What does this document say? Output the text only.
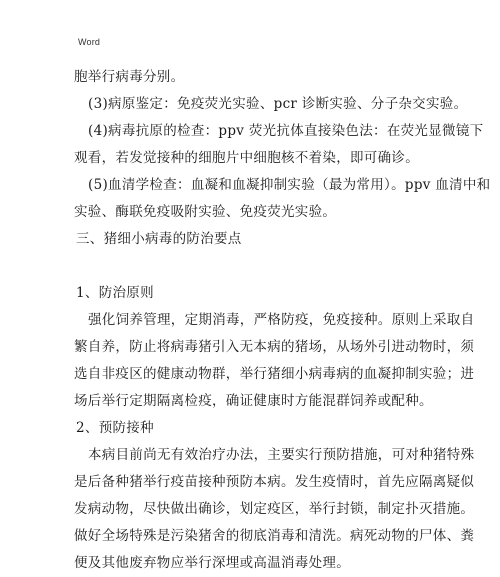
Word
胞举行病毒分别。
(3)病原鉴定：免疫荧光实验、pcr 诊断实验、分子杂交实验。
(4)病毒抗原的检查：ppv 荧光抗体直接染色法：在荧光显微镜下
观看，若发觉接种的细胞片中细胞核不着染，即可确诊。
(5)血清学检查：血凝和血凝抑制实验（最为常用）。ppv 血清中和
实验、酶联免疫吸附实验、免疫荧光实验。
三、猪细小病毒的防治要点
1、防治原则
强化饲养管理，定期消毒，严格防疫，免疫接种。原则上采取自
繁自养，防止将病毒猪引入无本病的猪场，从场外引进动物时，须
选自非疫区的健康动物群，举行猪细小病毒病的血凝抑制实验；进
场后举行定期隔离检疫，确证健康时方能混群饲养或配种。
2、预防接种
本病目前尚无有效治疗办法，主要实行预防措施，可对种猪特殊
是后备种猪举行疫苗接种预防本病。发生疫情时，首先应隔离疑似
发病动物，尽快做出确诊，划定疫区，举行封锁，制定扑灭措施。
做好全场特殊是污染猪舍的彻底消毒和清洗。病死动物的尸体、粪
便及其他废弃物应举行深埋或高温消毒处理。
